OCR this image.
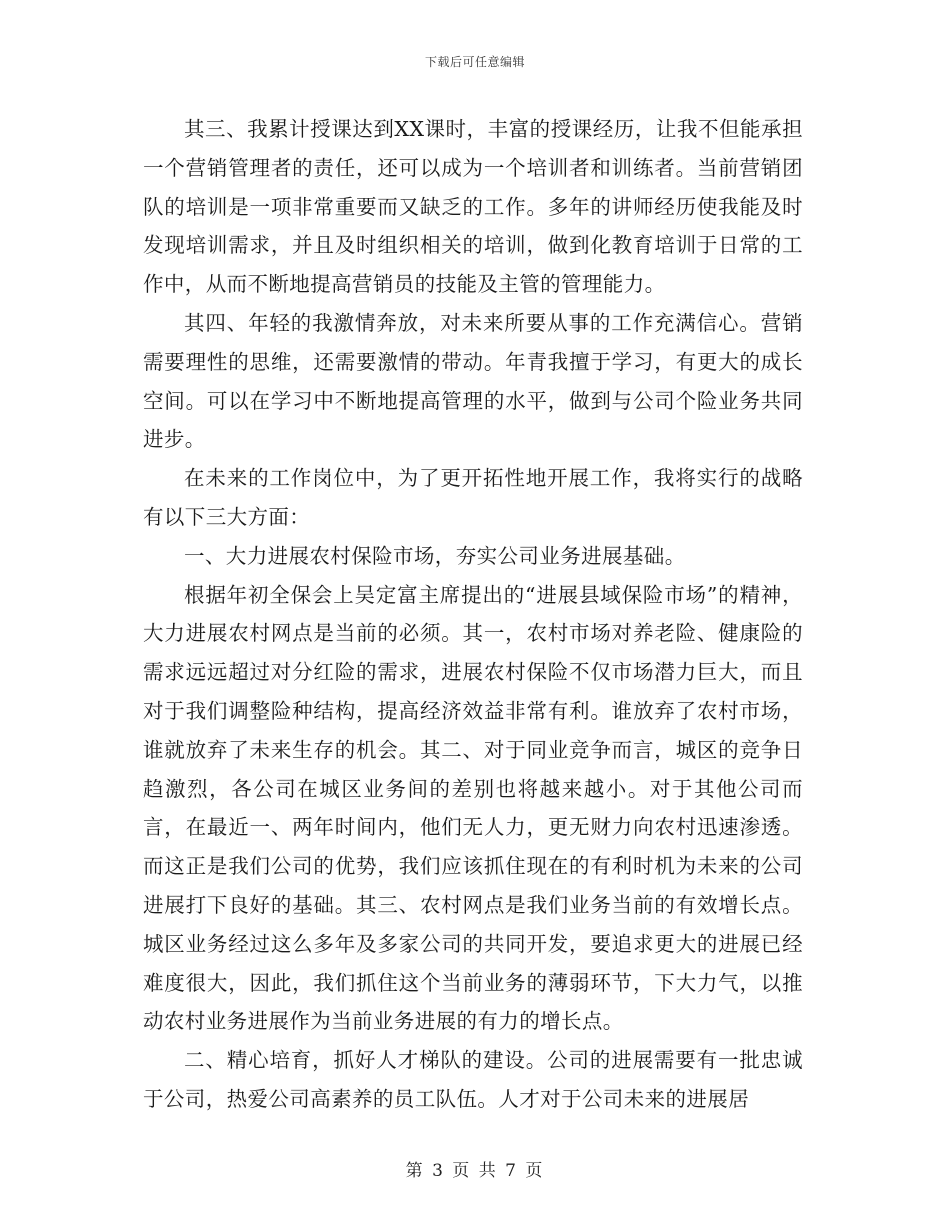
下载后可任意编辑

其三、我累计授课达到XX课时，丰富的授课经历，让我不但能承担一个营销管理者的责任，还可以成为一个培训者和训练者。当前营销团队的培训是一项非常重要而又缺乏的工作。多年的讲师经历使我能及时发现培训需求，并且及时组织相关的培训，做到化教育培训于日常的工作中，从而不断地提高营销员的技能及主管的管理能力。

其四、年轻的我激情奔放，对未来所要从事的工作充满信心。营销需要理性的思维，还需要激情的带动。年青我擅于学习，有更大的成长空间。可以在学习中不断地提高管理的水平，做到与公司个险业务共同进步。

在未来的工作岗位中，为了更开拓性地开展工作，我将实行的战略有以下三大方面：

一、大力进展农村保险市场，夯实公司业务进展基础。

根据年初全保会上吴定富主席提出的“进展县域保险市场”的精神，大力进展农村网点是当前的必须。其一，农村市场对养老险、健康险的需求远远超过对分红险的需求，进展农村保险不仅市场潜力巨大，而且对于我们调整险种结构，提高经济效益非常有利。谁放弃了农村市场，谁就放弃了未来生存的机会。其二、对于同业竞争而言，城区的竞争日趋激烈，各公司在城区业务间的差别也将越来越小。对于其他公司而言，在最近一、两年时间内，他们无人力，更无财力向农村迅速渗透。而这正是我们公司的优势，我们应该抓住现在的有利时机为未来的公司进展打下良好的基础。其三、农村网点是我们业务当前的有效增长点。城区业务经过这么多年及多家公司的共同开发，要追求更大的进展已经难度很大，因此，我们抓住这个当前业务的薄弱环节，下大力气，以推动农村业务进展作为当前业务进展的有力的增长点。

二、精心培育，抓好人才梯队的建设。公司的进展需要有一批忠诚于公司，热爱公司高素养的员工队伍。人才对于公司未来的进展居

第 3 页 共 7 页
